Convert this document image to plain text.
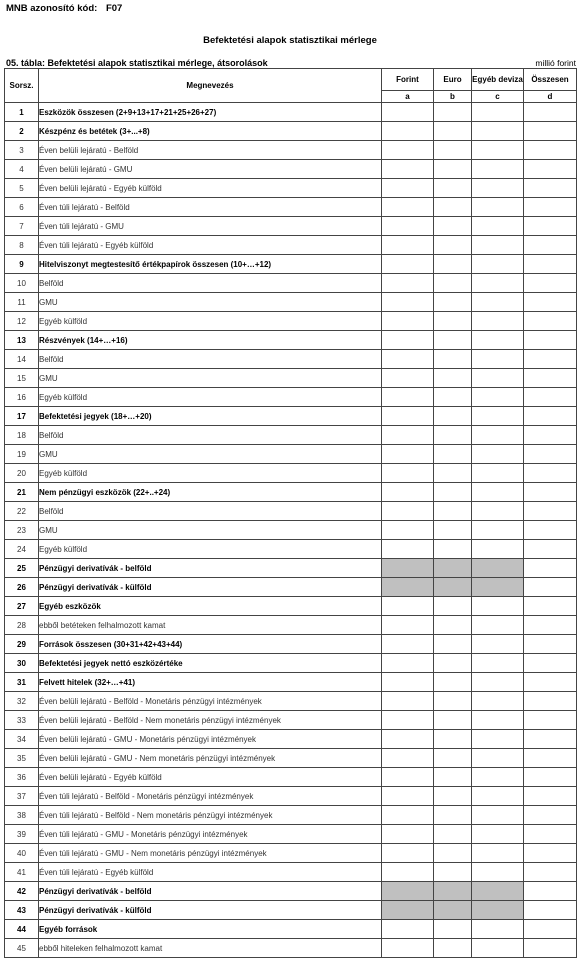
MNB azonosító kód: F07
Befektetési alapok statisztikai mérlege
05. tábla: Befektetési alapok statisztikai mérlege, átsorolások	millió forint
Sorsz.	Megnevezés	Forint	Euro	Egyéb deviza	Összesen
		a	b	c	d
1	Eszközök összesen (2+9+13+17+21+25+26+27)				
2	Készpénz és betétek (3+...+8)				
3	Éven belüli lejáratú - Belföld				
4	Éven belüli lejáratú - GMU				
5	Éven belüli lejáratú - Egyéb külföld				
6	Éven túli lejáratú - Belföld				
7	Éven túli lejáratú - GMU				
8	Éven túli lejáratú - Egyéb külföld				
9	Hitelviszonyt megtestesítő értékpapírok összesen (10+…+12)				
10	Belföld				
11	GMU				
12	Egyéb külföld				
13	Részvények (14+…+16)				
14	Belföld				
15	GMU				
16	Egyéb külföld				
17	Befektetési jegyek (18+…+20)				
18	Belföld				
19	GMU				
20	Egyéb külföld				
21	Nem pénzügyi eszközök (22+..+24)				
22	Belföld				
23	GMU				
24	Egyéb külföld				
25	Pénzügyi derivatívák - belföld				
26	Pénzügyi derivatívák - külföld				
27	Egyéb eszközök				
28	ebből betéteken felhalmozott kamat				
29	Források összesen (30+31+42+43+44)				
30	Befektetési jegyek nettó eszközértéke				
31	Felvett hitelek (32+…+41)				
32	Éven belüli lejáratú - Belföld - Monetáris pénzügyi intézmények				
33	Éven belüli lejáratú - Belföld - Nem monetáris pénzügyi intézmények				
34	Éven belüli lejáratú - GMU - Monetáris pénzügyi intézmények				
35	Éven belüli lejáratú - GMU - Nem monetáris pénzügyi intézmények				
36	Éven belüli lejáratú - Egyéb külföld				
37	Éven túli lejáratú - Belföld - Monetáris pénzügyi intézmények				
38	Éven túli lejáratú - Belföld - Nem monetáris pénzügyi intézmények				
39	Éven túli lejáratú - GMU - Monetáris pénzügyi intézmények				
40	Éven túli lejáratú - GMU - Nem monetáris pénzügyi intézmények				
41	Éven túli lejáratú - Egyéb külföld				
42	Pénzügyi derivatívák - belföld				
43	Pénzügyi derivatívák - külföld				
44	Egyéb források				
45	ebből hiteleken felhalmozott kamat				
